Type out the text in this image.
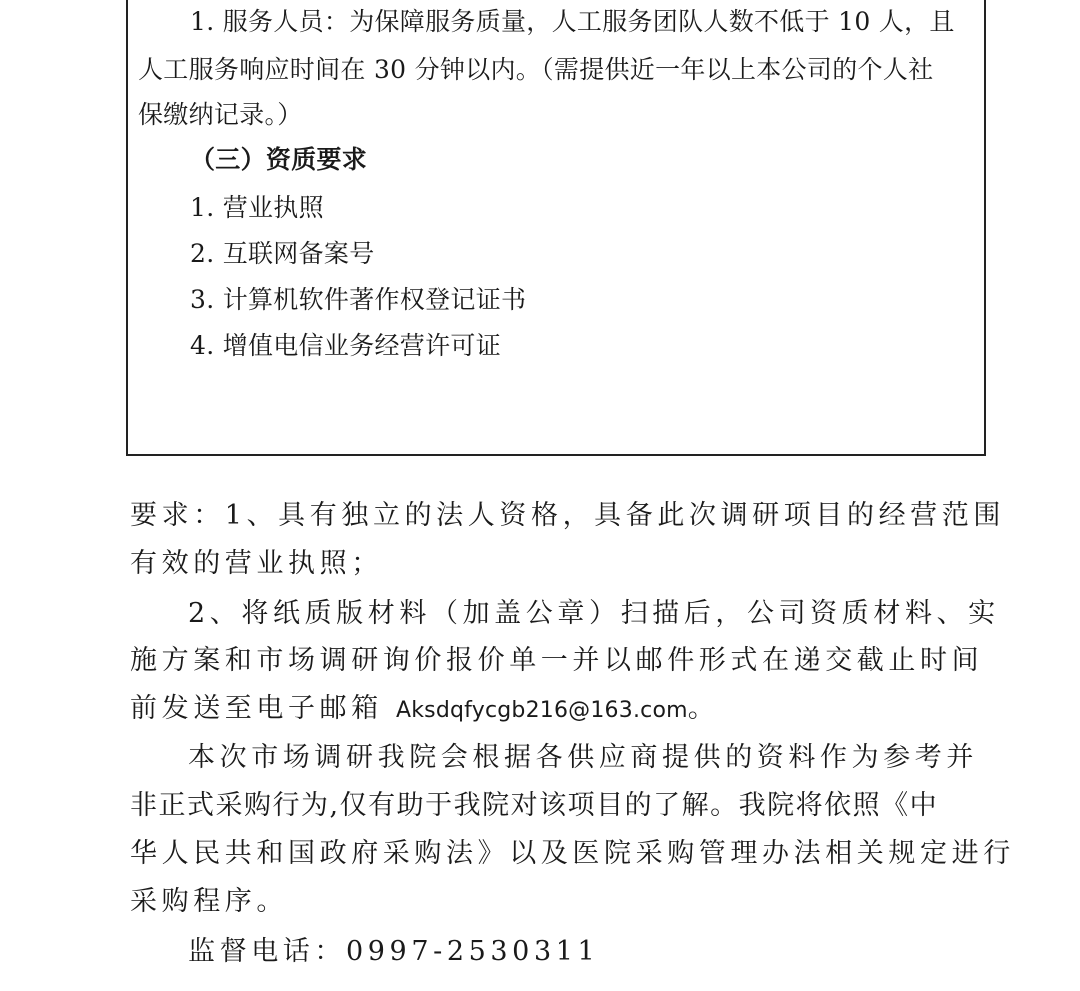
1. 服务人员：为保障服务质量，人工服务团队人数不低于 10 人，且
人工服务响应时间在 30 分钟以内。（需提供近一年以上本公司的个人社
保缴纳记录。）
（三）资质要求
1. 营业执照
2. 互联网备案号
3. 计算机软件著作权登记证书
4. 增值电信业务经营许可证
要求：1、具有独立的法人资格，具备此次调研项目的经营范围
有效的营业执照；
2、将纸质版材料（加盖公章）扫描后，公司资质材料、实
施方案和市场调研询价报价单一并以邮件形式在递交截止时间
前发送至电子邮箱 Aksdqfycgb216@163.com。
本次市场调研我院会根据各供应商提供的资料作为参考并
非正式采购行为,仅有助于我院对该项目的了解。我院将依照《中
华人民共和国政府采购法》以及医院采购管理办法相关规定进行
采购程序。
监督电话：0997-2530311
